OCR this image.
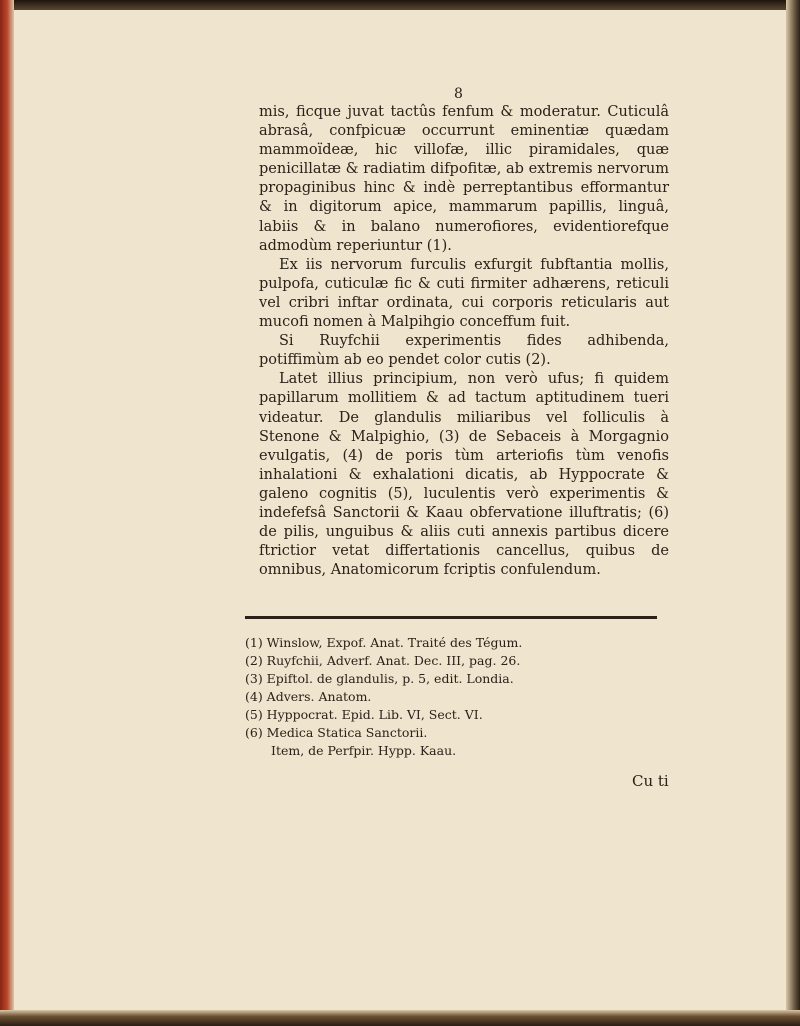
8

mis, ficque juvat tactûs fenfum & moderatur. Cuticulâ abrasâ, confpicuæ occurrunt eminentiæ quædam mammoïdeæ, hic villofæ, illic piramidales, quæ penicillatæ & radiatim difpofitæ, ab extremis nervorum propaginibus hinc & indè perreptantibus efformantur & in digitorum apice, mammarum papillis, linguâ, labiis & in balano numerofiores, evidentiorefque admodùm reperiuntur (1).

Ex iis nervorum furculis exfurgit fubftantia mollis, pulpofa, cuticulæ fic & cuti firmiter adhærens, reticuli vel cribri inftar ordinata, cui corporis reticularis aut mucofi nomen à Malpihgio conceffum fuit.

Si Ruyfchii experimentis fides adhibenda, potiffimùm ab eo pendet color cutis (2).

Latet illius principium, non verò ufus; fi quidem papillarum mollitiem & ad tactum aptitudinem tueri videatur. De glandulis miliaribus vel folliculis à Stenone & Malpighio, (3) de Sebaceis à Morgagnio evulgatis, (4) de poris tùm arteriofis tùm venofis inhalationi & exhalationi dicatis, ab Hyppocrate & galeno cognitis (5), luculentis verò experimentis & indefefsâ Sanctorii & Kaau obfervatione illuftratis; (6) de pilis, unguibus & aliis cuti annexis partibus dicere ftrictior vetat differtationis cancellus, quibus de omnibus, Anatomicorum fcriptis confulendum.

(1) Winslow, Expof. Anat. Traité des Tégum.
(2) Ruyfchii, Adverf. Anat. Dec. III, pag. 26.
(3) Epiftol. de glandulis, p. 5, edit. Londia.
(4) Advers. Anatom.
(5) Hyppocrat. Epid. Lib. VI, Sect. VI.
(6) Medica Statica Sanctorii.
Item, de Perfpir. Hypp. Kaau.
Cu ti
